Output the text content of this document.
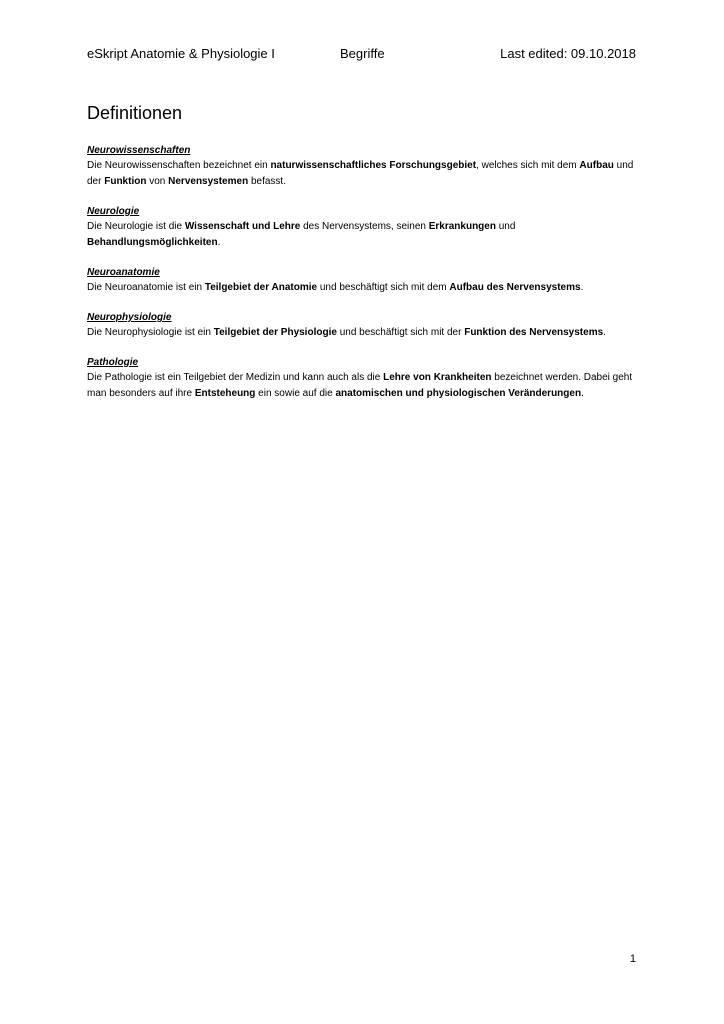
eSkript Anatomie & Physiologie I	Begriffe	Last edited: 09.10.2018
Definitionen
Neurowissenschaften

Die Neurowissenschaften bezeichnet ein naturwissenschaftliches Forschungsgebiet, welches sich mit dem Aufbau und der Funktion von Nervensystemen befasst.

Neurologie

Die Neurologie ist die Wissenschaft und Lehre des Nervensystems, seinen Erkrankungen und Behandlungsmöglichkeiten.

Neuroanatomie

Die Neuroanatomie ist ein Teilgebiet der Anatomie und beschäftigt sich mit dem Aufbau des Nervensystems.

Neurophysiologie

Die Neurophysiologie ist ein Teilgebiet der Physiologie und beschäftigt sich mit der Funktion des Nervensystems.

Pathologie

Die Pathologie ist ein Teilgebiet der Medizin und kann auch als die Lehre von Krankheiten bezeichnet werden. Dabei geht man besonders auf ihre Entsteheung ein sowie auf die anatomischen und physiologischen Veränderungen.

1
